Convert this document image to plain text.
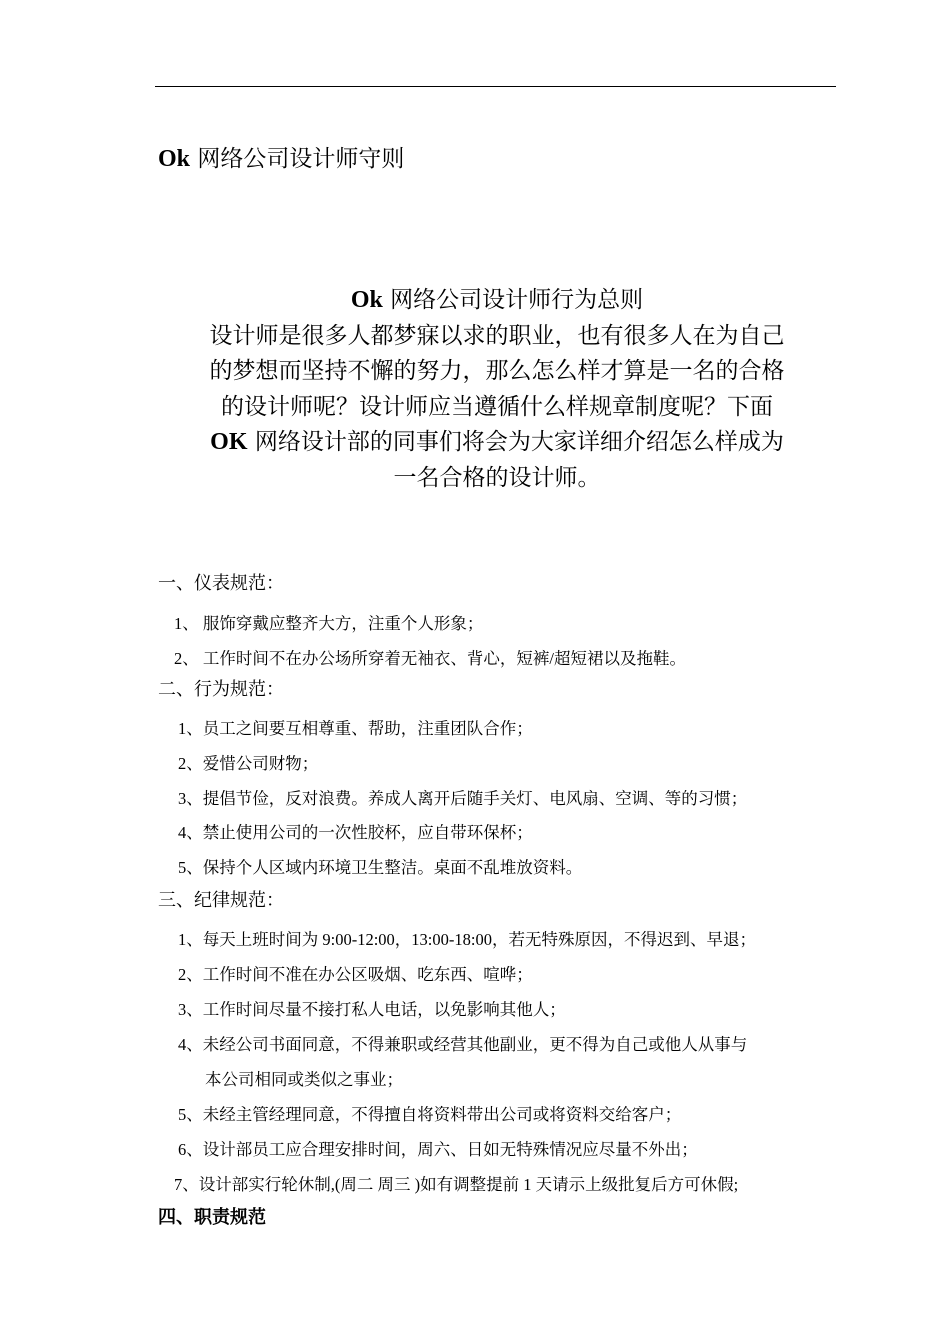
Ok 网络公司设计师守则
Ok 网络公司设计师行为总则
设计师是很多人都梦寐以求的职业，也有很多人在为自己
的梦想而坚持不懈的努力，那么怎么样才算是一名的合格
的设计师呢？设计师应当遵循什么样规章制度呢？下面
OK 网络设计部的同事们将会为大家详细介绍怎么样成为
一名合格的设计师。
一、仪表规范：
1、 服饰穿戴应整齐大方，注重个人形象；
2、 工作时间不在办公场所穿着无袖衣、背心，短裤/超短裙以及拖鞋。
二、行为规范：
1、员工之间要互相尊重、帮助，注重团队合作；
2、爱惜公司财物；
3、提倡节俭，反对浪费。养成人离开后随手关灯、电风扇、空调、等的习惯；
4、禁止使用公司的一次性胶杯，应自带环保杯；
5、保持个人区域内环境卫生整洁。桌面不乱堆放资料。
三、纪律规范：
1、每天上班时间为 9:00-12:00，13:00-18:00，若无特殊原因，不得迟到、早退；
2、工作时间不准在办公区吸烟、吃东西、喧哗；
3、工作时间尽量不接打私人电话，以免影响其他人；
4、未经公司书面同意，不得兼职或经营其他副业，更不得为自己或他人从事与
本公司相同或类似之事业；
5、未经主管经理同意，不得擅自将资料带出公司或将资料交给客户；
6、设计部员工应合理安排时间，周六、日如无特殊情况应尽量不外出；
7、设计部实行轮休制,(周二 周三 )如有调整提前 1 天请示上级批复后方可休假;
四、职责规范
